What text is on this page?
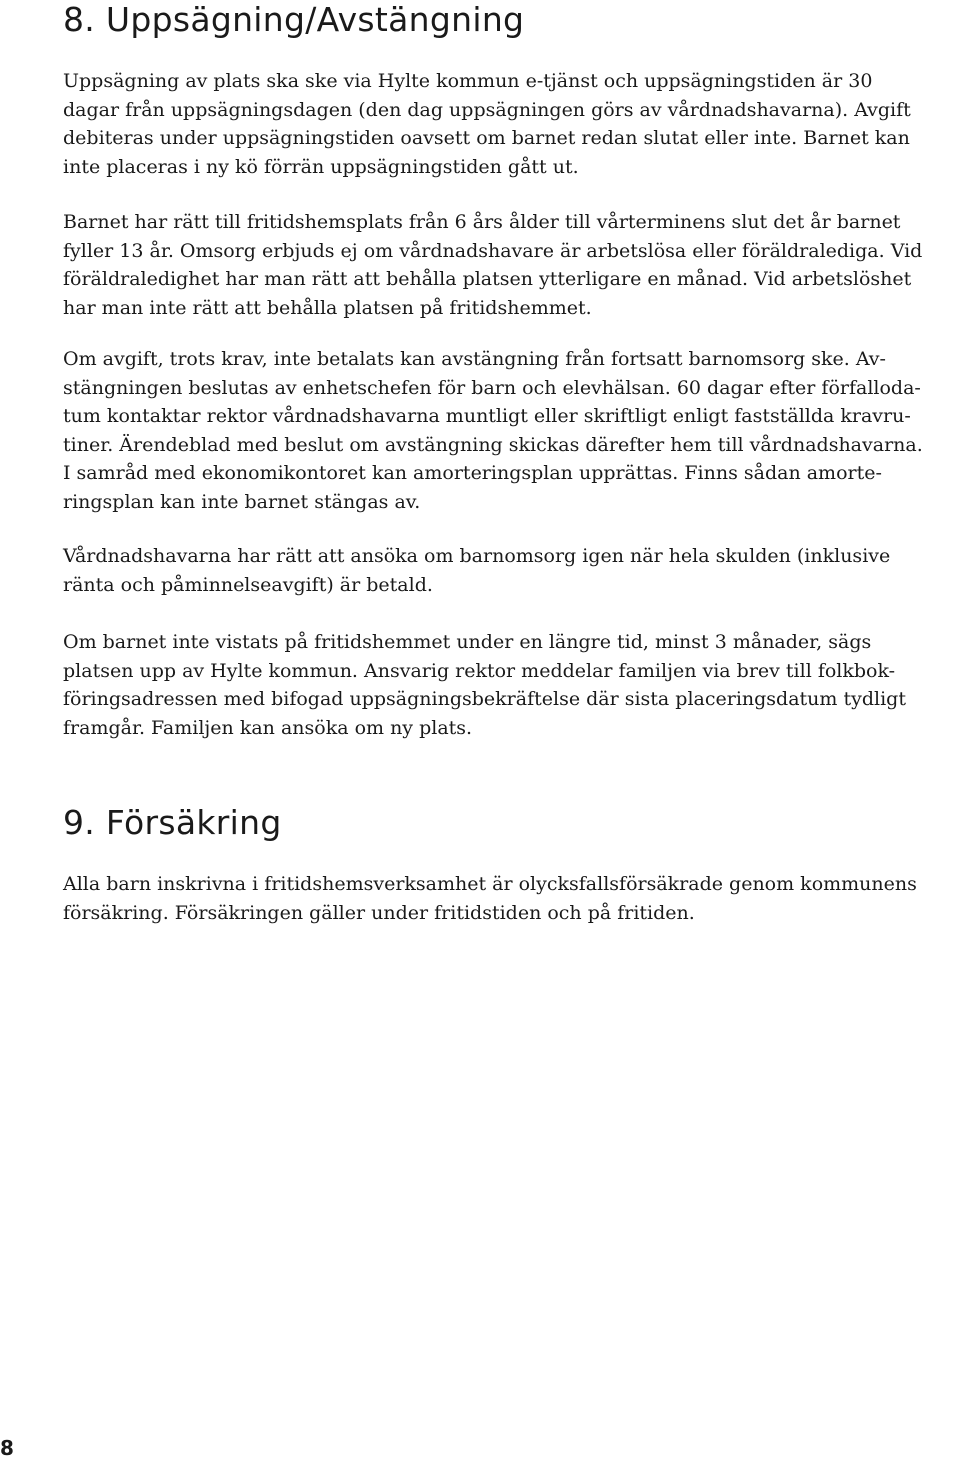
8. Uppsägning/Avstängning

Uppsägning av plats ska ske via Hylte kommun e-tjänst och uppsägningstiden är 30
dagar från uppsägningsdagen (den dag uppsägningen görs av vårdnadshavarna). Avgift
debiteras under uppsägningstiden oavsett om barnet redan slutat eller inte. Barnet kan
inte placeras i ny kö förrän uppsägningstiden gått ut.

Barnet har rätt till fritidshemsplats från 6 års ålder till vårterminens slut det år barnet
fyller 13 år. Omsorg erbjuds ej om vårdnadshavare är arbetslösa eller föräldralediga. Vid
föräldraledighet har man rätt att behålla platsen ytterligare en månad. Vid arbetslöshet
har man inte rätt att behålla platsen på fritidshemmet.

Om avgift, trots krav, inte betalats kan avstängning från fortsatt barnomsorg ske. Av-
stängningen beslutas av enhetschefen för barn och elevhälsan. 60 dagar efter förfalloda-
tum kontaktar rektor vårdnadshavarna muntligt eller skriftligt enligt fastställda kravru-
tiner. Ärendeblad med beslut om avstängning skickas därefter hem till vårdnadshavarna.
I samråd med ekonomikontoret kan amorteringsplan upprättas. Finns sådan amorte-
ringsplan kan inte barnet stängas av.

Vårdnadshavarna har rätt att ansöka om barnomsorg igen när hela skulden (inklusive
ränta och påminnelseavgift) är betald.

Om barnet inte vistats på fritidshemmet under en längre tid, minst 3 månader, sägs
platsen upp av Hylte kommun. Ansvarig rektor meddelar familjen via brev till folkbok-
föringsadressen med bifogad uppsägningsbekräftelse där sista placeringsdatum tydligt
framgår. Familjen kan ansöka om ny plats.

9. Försäkring

Alla barn inskrivna i fritidshemsverksamhet är olycksfallsförsäkrade genom kommunens
försäkring. Försäkringen gäller under fritidstiden och på fritiden.

8
